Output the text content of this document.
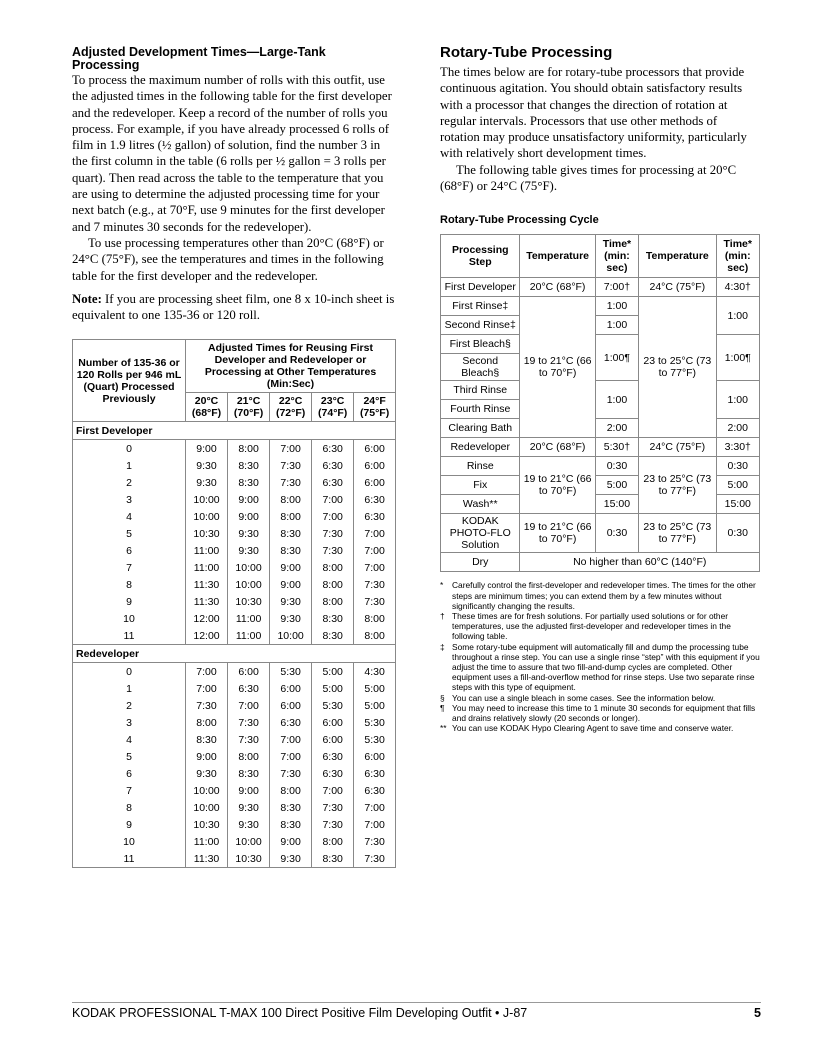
Adjusted Development Times—Large-Tank Processing

To process the maximum number of rolls with this outfit, use the adjusted times in the following table for the first developer and the redeveloper. Keep a record of the number of rolls you process. For example, if you have already processed 6 rolls of film in 1.9 litres (½ gallon) of solution, find the number 3 in the first column in the table (6 rolls per ½ gallon = 3 rolls per quart). Then read across the table to the temperature that you are using to determine the adjusted processing time for your next batch (e.g., at 70°F, use 9 minutes for the first developer and 7 minutes 30 seconds for the redeveloper).

To use processing temperatures other than 20°C (68°F) or 24°C (75°F), see the temperatures and times in the following table for the first developer and the redeveloper.

Note: If you are processing sheet film, one 8 x 10-inch sheet is equivalent to one 135-36 or 120 roll.

Number of 135-36 or 120 Rolls per 946 mL (Quart) Processed Previously	Adjusted Times for Reusing First Developer and Redeveloper or Processing at Other Temperatures (Min:Sec)				
	20°C (68°F)	21°C (70°F)	22°C (72°F)	23°C (74°F)	24°F (75°F)
First Developer					
0	9:00	8:00	7:00	6:30	6:00
1	9:30	8:30	7:30	6:30	6:00
2	9:30	8:30	7:30	6:30	6:00
3	10:00	9:00	8:00	7:00	6:30
4	10:00	9:00	8:00	7:00	6:30
5	10:30	9:30	8:30	7:30	7:00
6	11:00	9:30	8:30	7:30	7:00
7	11:00	10:00	9:00	8:00	7:00
8	11:30	10:00	9:00	8:00	7:30
9	11:30	10:30	9:30	8:00	7:30
10	12:00	11:00	9:30	8:30	8:00
11	12:00	11:00	10:00	8:30	8:00
Redeveloper					
0	7:00	6:00	5:30	5:00	4:30
1	7:00	6:30	6:00	5:00	5:00
2	7:30	7:00	6:00	5:30	5:00
3	8:00	7:30	6:30	6:00	5:30
4	8:30	7:30	7:00	6:00	5:30
5	9:00	8:00	7:00	6:30	6:00
6	9:30	8:30	7:30	6:30	6:30
7	10:00	9:00	8:00	7:00	6:30
8	10:00	9:30	8:30	7:30	7:00
9	10:30	9:30	8:30	7:30	7:00
10	11:00	10:00	9:00	8:00	7:30
11	11:30	10:30	9:30	8:30	7:30
Rotary-Tube Processing

The times below are for rotary-tube processors that provide continuous agitation. You should obtain satisfactory results with a processor that changes the direction of rotation at regular intervals. Processors that use other methods of rotation may produce unsatisfactory uniformity, particularly with relatively short development times.

The following table gives times for processing at 20°C (68°F) or 24°C (75°F).

Rotary-Tube Processing Cycle
Processing Step	Temperature	Time* (min: sec)	Temperature	Time* (min: sec)
First Developer	20°C (68°F)	7:00†	24°C (75°F)	4:30†
First Rinse‡	19 to 21°C (66 to 70°F)	1:00	23 to 25°C (73 to 77°F)	1:00
Second Rinse‡		1:00		
First Bleach§		1:00¶		1:00¶
Second Bleach§				
Third Rinse		1:00		1:00
Fourth Rinse				
Clearing Bath		2:00		2:00
Redeveloper	20°C (68°F)	5:30†	24°C (75°F)	3:30†
Rinse	19 to 21°C (66 to 70°F)	0:30	23 to 25°C (73 to 77°F)	0:30
Fix		5:00		5:00
Wash**		15:00		15:00
KODAK PHOTO-FLO Solution	19 to 21°C (66 to 70°F)	0:30	23 to 25°C (73 to 77°F)	0:30
Dry	No higher than 60°C (140°F)			
* Carefully control the first-developer and redeveloper times. The times for the other steps are minimum times; you can extend them by a few minutes without significantly changing the results.
† These times are for fresh solutions. For partially used solutions or for other temperatures, use the adjusted first-developer and redeveloper times in the following table.
‡ Some rotary-tube equipment will automatically fill and dump the processing tube throughout a rinse step. You can use a single rinse “step” with this equipment if you adjust the time to assure that two fill-and-dump cycles are completed. Other equipment uses a fill-and-overflow method for rinse steps. Use two separate rinse steps with this type of equipment.
§ You can use a single bleach in some cases. See the information below.
¶ You may need to increase this time to 1 minute 30 seconds for equipment that fills and drains relatively slowly (20 seconds or longer).
** You can use KODAK Hypo Clearing Agent to save time and conserve water.
KODAK PROFESSIONAL T-MAX 100 Direct Positive Film Developing Outfit • J-87	5
